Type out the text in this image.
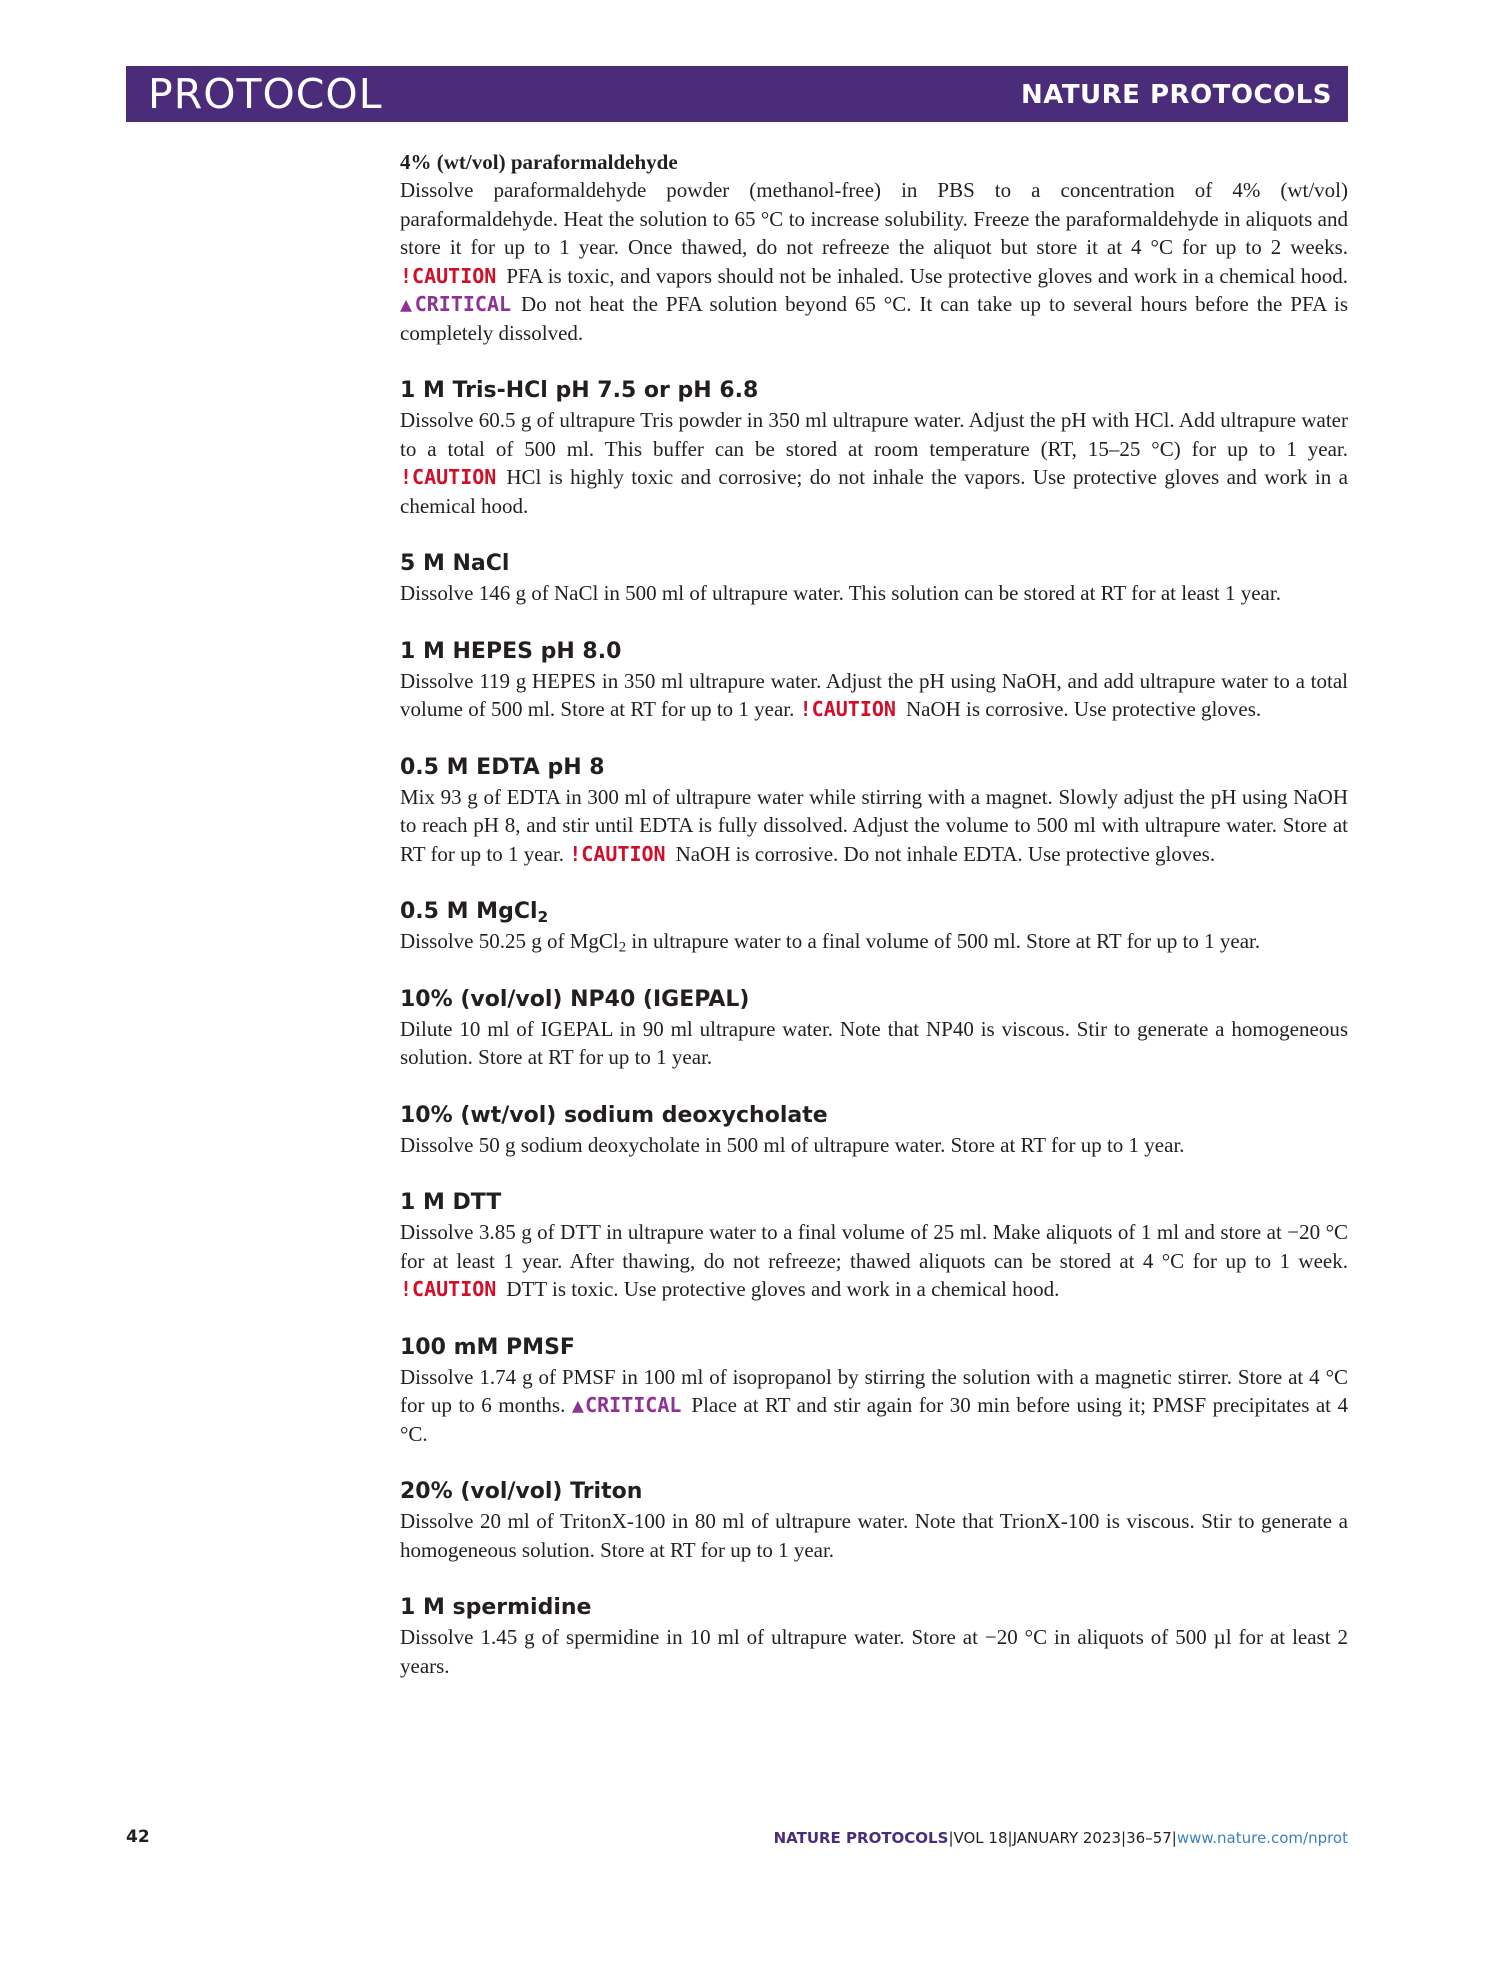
PROTOCOL	NATURE PROTOCOLS
4% (wt/vol) paraformaldehyde
Dissolve paraformaldehyde powder (methanol-free) in PBS to a concentration of 4% (wt/vol) paraformaldehyde. Heat the solution to 65 °C to increase solubility. Freeze the paraformaldehyde in aliquots and store it for up to 1 year. Once thawed, do not refreeze the aliquot but store it at 4 °C for up to 2 weeks. !CAUTION PFA is toxic, and vapors should not be inhaled. Use protective gloves and work in a chemical hood. ▲CRITICAL Do not heat the PFA solution beyond 65 °C. It can take up to several hours before the PFA is completely dissolved.
1 M Tris-HCl pH 7.5 or pH 6.8
Dissolve 60.5 g of ultrapure Tris powder in 350 ml ultrapure water. Adjust the pH with HCl. Add ultrapure water to a total of 500 ml. This buffer can be stored at room temperature (RT, 15–25 °C) for up to 1 year. !CAUTION HCl is highly toxic and corrosive; do not inhale the vapors. Use protective gloves and work in a chemical hood.
5 M NaCl
Dissolve 146 g of NaCl in 500 ml of ultrapure water. This solution can be stored at RT for at least 1 year.
1 M HEPES pH 8.0
Dissolve 119 g HEPES in 350 ml ultrapure water. Adjust the pH using NaOH, and add ultrapure water to a total volume of 500 ml. Store at RT for up to 1 year. !CAUTION NaOH is corrosive. Use protective gloves.
0.5 M EDTA pH 8
Mix 93 g of EDTA in 300 ml of ultrapure water while stirring with a magnet. Slowly adjust the pH using NaOH to reach pH 8, and stir until EDTA is fully dissolved. Adjust the volume to 500 ml with ultrapure water. Store at RT for up to 1 year. !CAUTION NaOH is corrosive. Do not inhale EDTA. Use protective gloves.
0.5 M MgCl$_2$
Dissolve 50.25 g of MgCl$_2$ in ultrapure water to a final volume of 500 ml. Store at RT for up to 1 year.
10% (vol/vol) NP40 (IGEPAL)
Dilute 10 ml of IGEPAL in 90 ml ultrapure water. Note that NP40 is viscous. Stir to generate a homogeneous solution. Store at RT for up to 1 year.
10% (wt/vol) sodium deoxycholate
Dissolve 50 g sodium deoxycholate in 500 ml of ultrapure water. Store at RT for up to 1 year.
1 M DTT
Dissolve 3.85 g of DTT in ultrapure water to a final volume of 25 ml. Make aliquots of 1 ml and store at −20 °C for at least 1 year. After thawing, do not refreeze; thawed aliquots can be stored at 4 °C for up to 1 week. !CAUTION DTT is toxic. Use protective gloves and work in a chemical hood.
100 mM PMSF
Dissolve 1.74 g of PMSF in 100 ml of isopropanol by stirring the solution with a magnetic stirrer. Store at 4 °C for up to 6 months. ▲CRITICAL Place at RT and stir again for 30 min before using it; PMSF precipitates at 4 °C.
20% (vol/vol) Triton
Dissolve 20 ml of TritonX-100 in 80 ml of ultrapure water. Note that TrionX-100 is viscous. Stir to generate a homogeneous solution. Store at RT for up to 1 year.
1 M spermidine
Dissolve 1.45 g of spermidine in 10 ml of ultrapure water. Store at −20 °C in aliquots of 500 µl for at least 2 years.
42	NATURE PROTOCOLS|VOL 18|JANUARY 2023|36–57|www.nature.com/nprot
